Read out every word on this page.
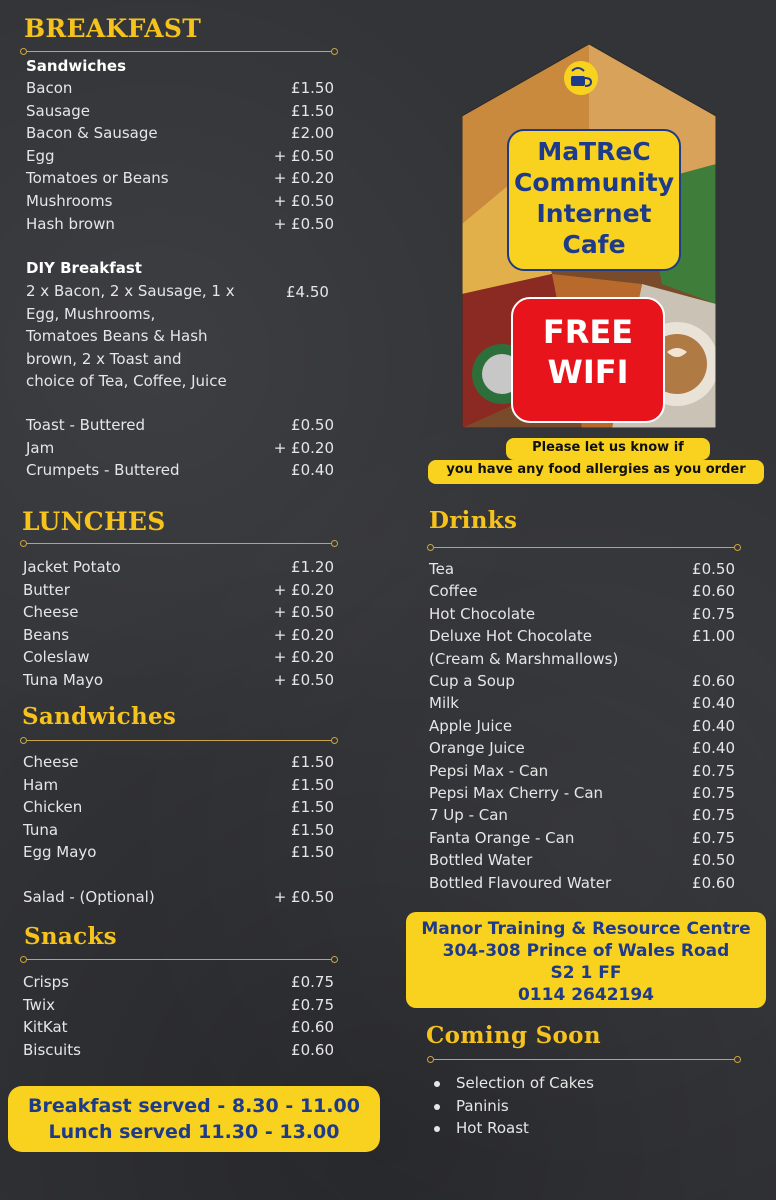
BREAKFAST
Sandwiches
Bacon	£1.50
Sausage	£1.50
Bacon & Sausage	£2.00
Egg	+ £0.50
Tomatoes or Beans	+ £0.20
Mushrooms	+ £0.50
Hash brown	+ £0.50
DIY Breakfast
2 x Bacon, 2 x Sausage, 1 x
Egg, Mushrooms,
Tomatoes Beans & Hash
brown, 2 x Toast and
choice of Tea, Coffee, Juice
£4.50
Toast - Buttered	£0.50
Jam	+ £0.20
Crumpets - Buttered	£0.40
LUNCHES
Jacket Potato	£1.20
Butter	+ £0.20
Cheese	+ £0.50
Beans	+ £0.20
Coleslaw	+ £0.20
Tuna Mayo	+ £0.50
Sandwiches
Cheese	£1.50
Ham	£1.50
Chicken	£1.50
Tuna	£1.50
Egg Mayo	£1.50
Salad - (Optional)	+ £0.50
Snacks
Crisps	£0.75
Twix	£0.75
KitKat	£0.60
Biscuits	£0.60
Breakfast served - 8.30 - 11.00
Lunch served 11.30 - 13.00
MaTReC
Community
Internet
Cafe
FREE
WIFI
Please let us know if
you have any food allergies as you order
Drinks
Tea	£0.50
Coffee	£0.60
Hot Chocolate	£0.75
Deluxe Hot Chocolate	£1.00
(Cream & Marshmallows)
Cup a Soup	£0.60
Milk	£0.40
Apple Juice	£0.40
Orange Juice	£0.40
Pepsi Max - Can	£0.75
Pepsi Max Cherry - Can	£0.75
7 Up - Can	£0.75
Fanta Orange - Can	£0.75
Bottled Water	£0.50
Bottled Flavoured Water	£0.60
Manor Training & Resource Centre
304-308 Prince of Wales Road
S2 1 FF
0114 2642194
Coming Soon
Selection of Cakes
Paninis
Hot Roast
